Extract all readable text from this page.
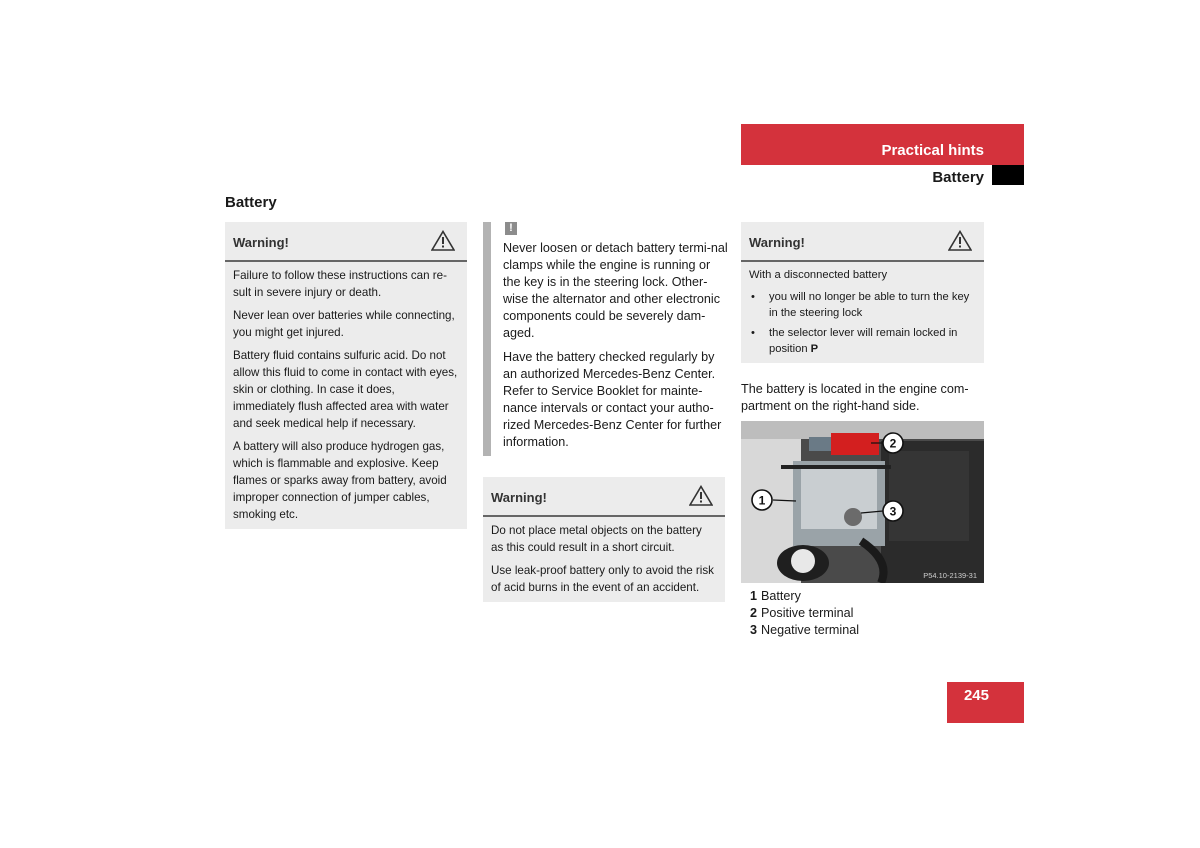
Practical hints
Battery
Battery
Warning!

Failure to follow these instructions can re-sult in severe injury or death.

Never lean over batteries while connecting, you might get injured.

Battery fluid contains sulfuric acid. Do not allow this fluid to come in contact with eyes, skin or clothing. In case it does, immediately flush affected area with water and seek medical help if necessary.

A battery will also produce hydrogen gas, which is flammable and explosive. Keep flames or sparks away from battery, avoid improper connection of jumper cables, smoking etc.

!

Never loosen or detach battery termi-nal clamps while the engine is running or the key is in the steering lock. Other-wise the alternator and other electronic components could be severely dam-aged.

Have the battery checked regularly by an authorized Mercedes-Benz Center. Refer to Service Booklet for mainte-nance intervals or contact your autho-rized Mercedes-Benz Center for further information.

Warning!

Do not place metal objects on the battery as this could result in a short circuit.

Use leak-proof battery only to avoid the risk of acid burns in the event of an accident.

Warning!

With a disconnected battery

• you will no longer be able to turn the key in the steering lock
• the selector lever will remain locked in position P
The battery is located in the engine com-partment on the right-hand side.
1
2
3
P54.10-2139-31
1 Battery
2 Positive terminal
3 Negative terminal
245
